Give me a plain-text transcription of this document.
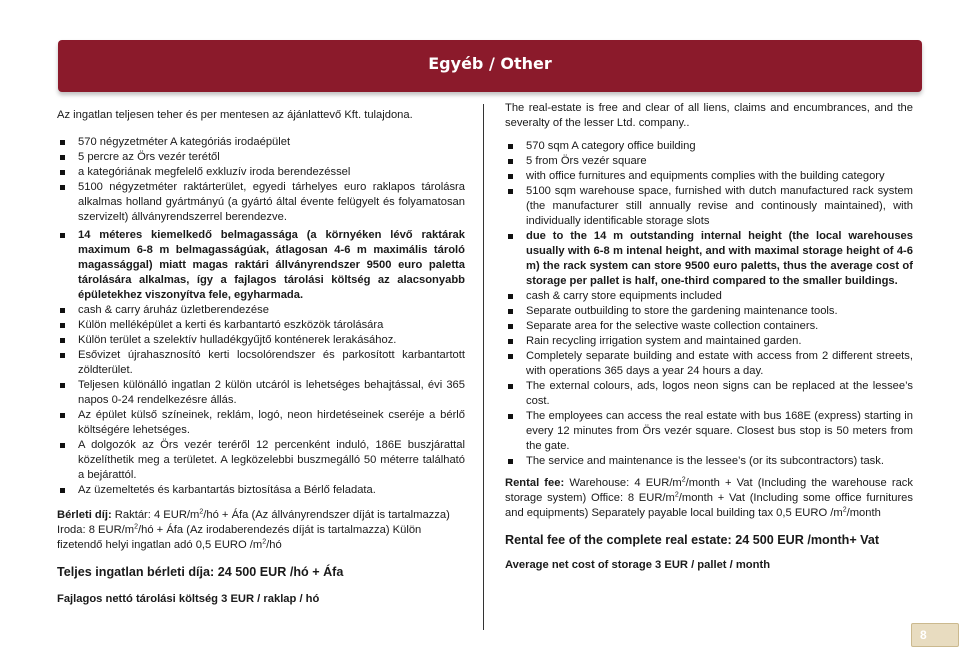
Egyéb / Other

Az ingatlan teljesen teher és per mentesen az ájánlattevő Kft. tulajdona.

570 négyzetméter A kategóriás irodaépület
5 percre az Örs vezér terétől
a kategóriának megfelelő exkluzív iroda berendezéssel
5100 négyzetméter raktárterület, egyedi tárhelyes euro raklapos tárolásra alkalmas holland gyártmányú (a gyártó által évente felügyelt és folyamatosan szervizelt) állványrendszerrel berendezve.
14 méteres kiemelkedő belmagassága (a környéken lévő raktárak maximum 6-8 m belmagasságúak, átlagosan 4-6 m maximális tároló magassággal) miatt magas raktári állványrendszer 9500 euro paletta tárolására alkalmas, így a fajlagos tárolási költség az alacsonyabb épületekhez viszonyítva fele, egyharmada.
cash & carry áruház üzletberendezése
Külön melléképület a kerti és karbantartó eszközök tárolására
Külön terület a szelektív hulladékgyűjtő konténerek lerakásához.
Esővizet újrahasznosító kerti locsolórendszer és parkosított karbantartott zöldterület.
Teljesen különálló ingatlan 2 külön utcáról is lehetséges behajtással, évi 365 napos 0-24 rendelkezésre állás.
Az épület külső színeinek, reklám, logó, neon hirdetéseinek cseréje a bérlő költségére lehetséges.
A dolgozók az Örs vezér teréről 12 percenként induló, 186E buszjárattal közelíthetik meg a területet. A legközelebbi buszmegálló 50 méterre található a bejárattól.
Az üzemeltetés és karbantartás biztosítása a Bérlő feladata.

Bérleti díj: Raktár: 4 EUR/$m^2/hó$ + Áfa (Az állványrendszer díját is tartalmazza)
Iroda: 8 EUR/$m^2/hó$ + Áfa (Az irodaberendezés díját is tartalmazza) Külön fizetendő helyi ingatlan adó 0,5 EURO $/m^2/hó$

Teljes ingatlan bérleti díja: 24 500 EUR /hó + Áfa

Fajlagos nettó tárolási költség 3 EUR / raklap / hó

The real-estate is free and clear of all liens, claims and encumbrances, and the severalty of the lesser Ltd. company..

570 sqm A category office building
5 from Örs vezér square
with office furnitures and equipments complies with the building category
5100 sqm warehouse space, furnished with dutch manufactured rack system (the manufacturer still annually revise and continously maintained), with individually identificable storage slots
due to the 14 m outstanding internal height (the local warehouses usually with 6-8 m intenal height, and with maximal storage height of 4-6 m) the rack system can store 9500 euro paletts, thus the average cost of storage per pallet is half, one-third compared to the smaller buildings.
cash & carry store equipments included
Separate outbuilding to store the gardening maintenance tools.
Separate area for the selective waste collection containers.
Rain recycling irrigation system and maintained garden.
Completely separate building and estate with access from 2 different streets, with operations 365 days a year 24 hours a day.
The external colours, ads, logos neon signs can be replaced at the lessee’s cost.
The employees can access the real estate with bus 168E (express) starting in every 12 minutes from Örs vezér square. Closest bus stop is 50 meters from the gate.
The service and maintenance is the lessee’s (or its subcontractors) task.

Rental fee: Warehouse: 4 EUR/$m^2$/month + Vat (Including the warehouse rack storage system) Office: 8 EUR/$m^2$/month + Vat (Including some office furnitures and equipments) Separately payable local building tax 0,5 EURO $/m^2$/month

Rental fee of the complete real estate: 24 500 EUR /month+ Vat

Average net cost of storage 3 EUR / pallet / month

8
